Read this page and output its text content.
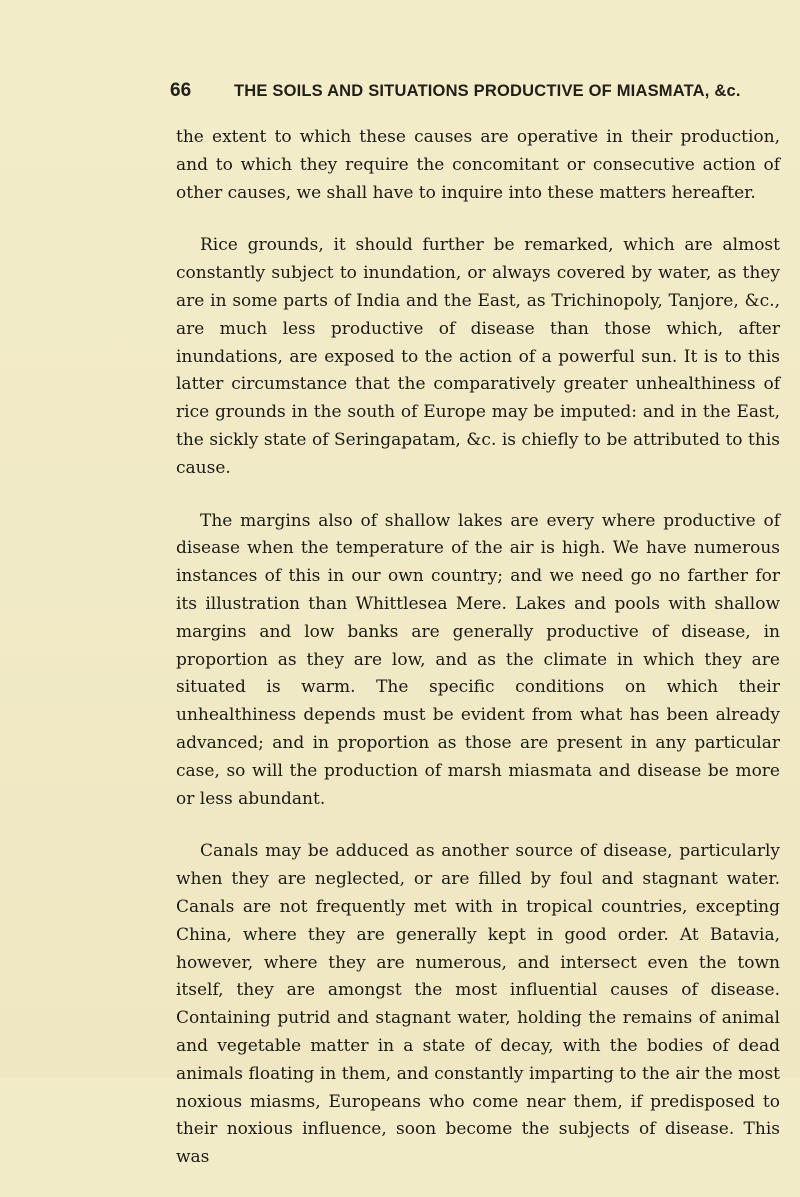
66	THE SOILS AND SITUATIONS PRODUCTIVE OF MIASMATA, &c.

the extent to which these causes are operative in their production, and to which they require the concomitant or consecutive action of other causes, we shall have to inquire into these matters hereafter.

Rice grounds, it should further be remarked, which are almost constantly subject to inundation, or always covered by water, as they are in some parts of India and the East, as Trichinopoly, Tanjore, &c., are much less productive of disease than those which, after inundations, are exposed to the action of a powerful sun. It is to this latter circumstance that the comparatively greater unhealthiness of rice grounds in the south of Europe may be imputed: and in the East, the sickly state of Seringapatam, &c. is chiefly to be attributed to this cause.

The margins also of shallow lakes are every where productive of disease when the temperature of the air is high. We have numerous instances of this in our own country; and we need go no farther for its illustration than Whittlesea Mere. Lakes and pools with shallow margins and low banks are generally productive of disease, in proportion as they are low, and as the climate in which they are situated is warm. The specific conditions on which their unhealthiness depends must be evident from what has been already advanced; and in proportion as those are present in any particular case, so will the production of marsh miasmata and disease be more or less abundant.

Canals may be adduced as another source of disease, particularly when they are neglected, or are filled by foul and stagnant water. Canals are not frequently met with in tropical countries, excepting China, where they are generally kept in good order. At Batavia, however, where they are numerous, and intersect even the town itself, they are amongst the most influential causes of disease. Containing putrid and stagnant water, holding the remains of animal and vegetable matter in a state of decay, with the bodies of dead animals floating in them, and constantly imparting to the air the most noxious miasms, Europeans who come near them, if predisposed to their noxious influence, soon become the subjects of disease. This was
